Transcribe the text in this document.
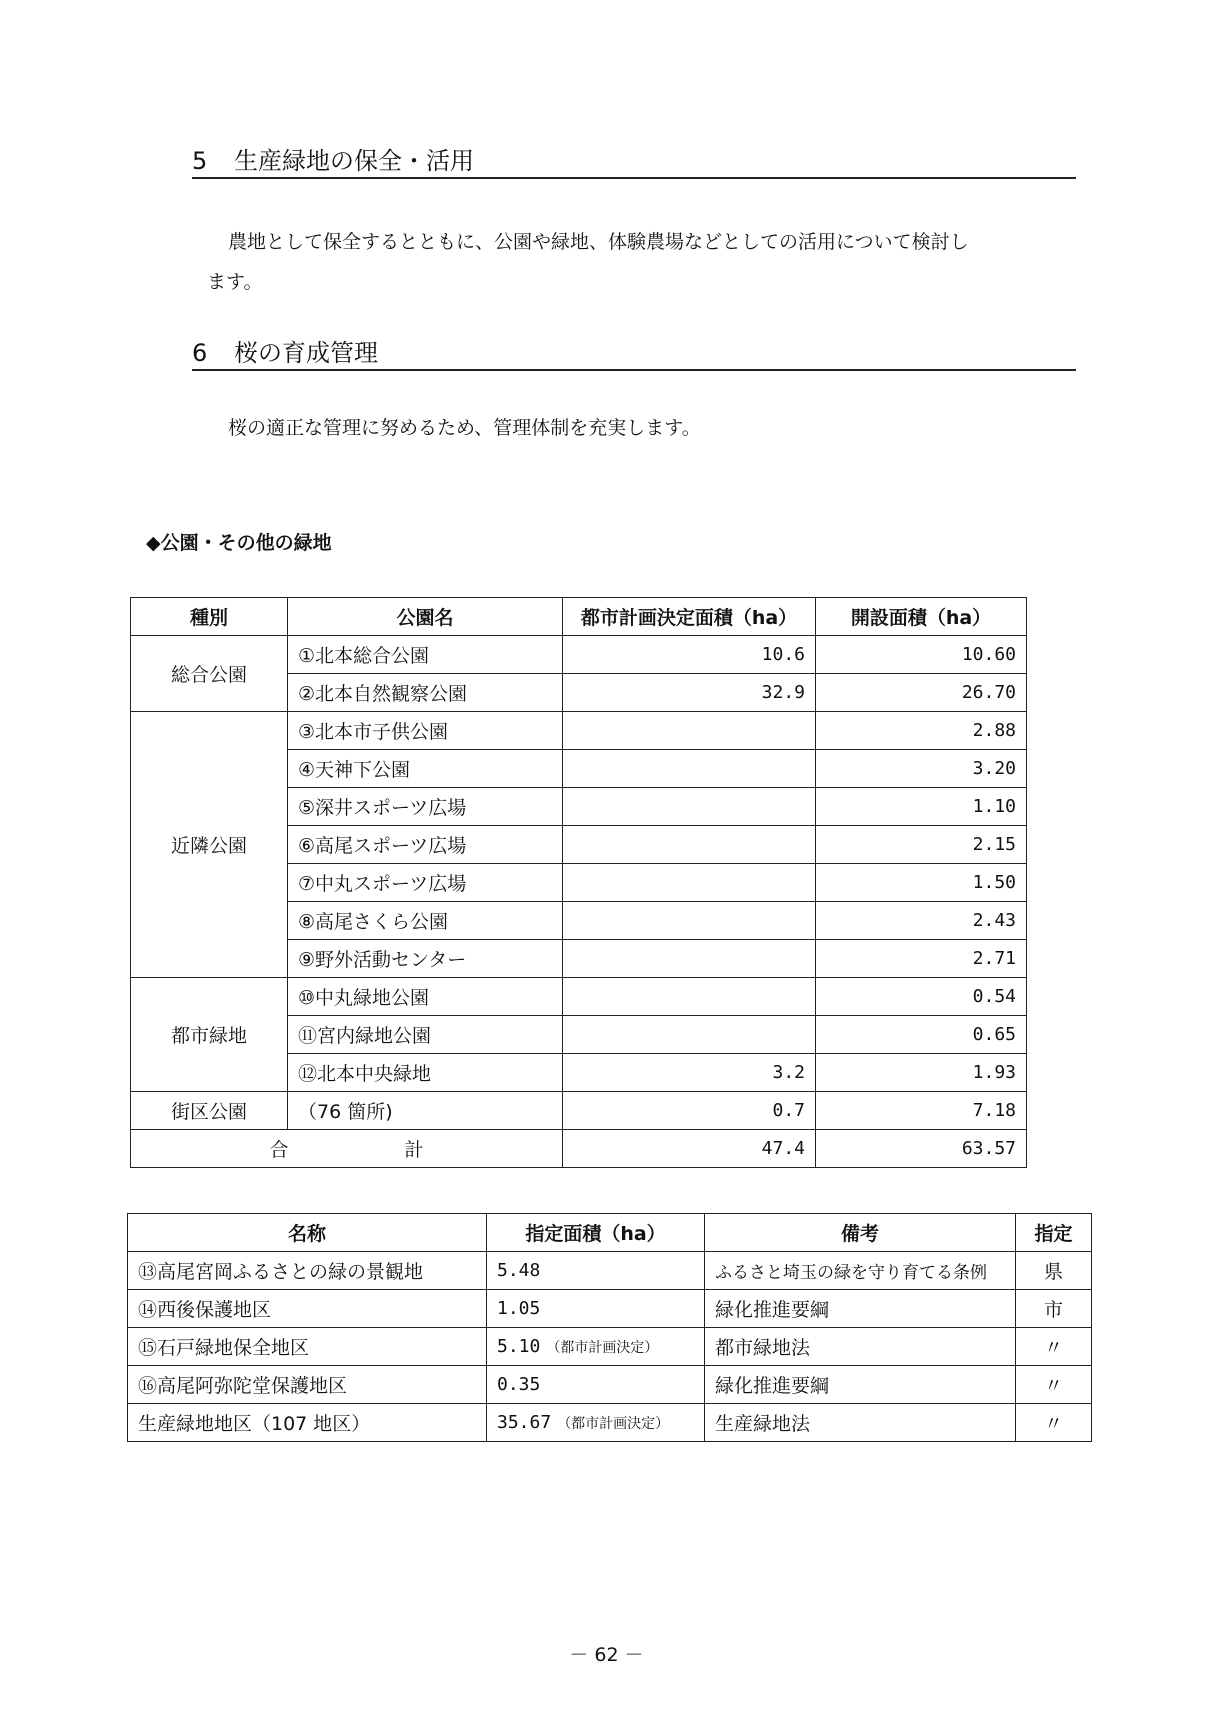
5 生産緑地の保全・活用
農地として保全するとともに、公園や緑地、体験農場などとしての活用について検討し
ます。
6 桜の育成管理
桜の適正な管理に努めるため、管理体制を充実します。
◆公園・その他の緑地
種別	公園名	都市計画決定面積（ha）	開設面積（ha）
総合公園	①北本総合公園	10.6	10.60
	②北本自然観察公園	32.9	26.70
近隣公園	③北本市子供公園		2.88
	④天神下公園		3.20
	⑤深井スポーツ広場		1.10
	⑥高尾スポーツ広場		2.15
	⑦中丸スポーツ広場		1.50
	⑧高尾さくら公園		2.43
	⑨野外活動センター		2.71
都市緑地	⑩中丸緑地公園		0.54
	⑪宮内緑地公園		0.65
	⑫北本中央緑地	3.2	1.93
街区公園	（76 箇所)	0.7	7.18
合 計		47.4	63.57
名称	指定面積（ha）	備考	指定
⑬高尾宮岡ふるさとの緑の景観地	5.48	ふるさと埼玉の緑を守り育てる条例	県
⑭西後保護地区	1.05	緑化推進要綱	市
⑮石戸緑地保全地区	5.10 （都市計画決定）	都市緑地法	〃
⑯高尾阿弥陀堂保護地区	0.35	緑化推進要綱	〃
生産緑地地区（107 地区）	35.67 （都市計画決定）	生産緑地法	〃
－ 62 －
